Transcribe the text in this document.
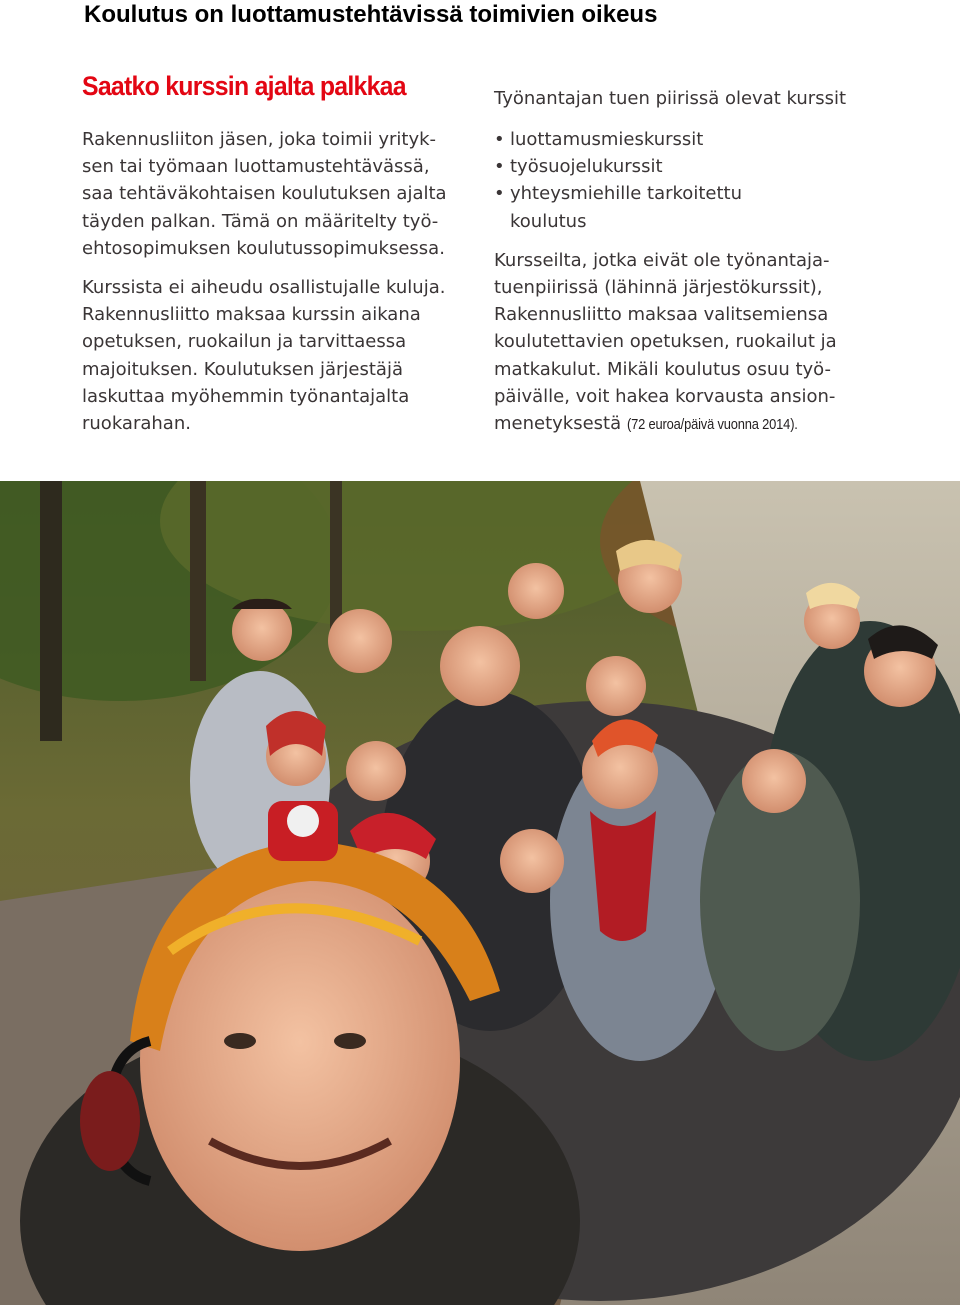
Koulutus on luottamustehtävissä toimivien oikeus
Saatko kurssin ajalta palkkaa

Rakennusliiton jäsen, joka toimii yrityk-
sen tai työmaan luottamustehtävässä,
saa tehtäväkohtaisen koulutuksen ajalta
täyden palkan. Tämä on määritelty työ-
ehtosopimuksen koulutussopimuksessa.

Kurssista ei aiheudu osallistujalle kuluja.
Rakennusliitto maksaa kurssin aikana
opetuksen, ruokailun ja tarvittaessa
majoituksen. Koulutuksen järjestäjä
laskuttaa myöhemmin työnantajalta
ruokarahan.

Työnantajan tuen piirissä olevat kurssit
• luottamusmieskurssit
• työsuojelukurssit
• yhteysmiehille tarkoitettu
koulutus

Kursseilta, jotka eivät ole työnantaja-
tuenpiirissä (lähinnä järjestökurssit),
Rakennusliitto maksaa valitsemiensa
koulutettavien opetuksen, ruokailut ja
matkakulut. Mikäli koulutus osuu työ-
päivälle, voit hakea korvausta ansion-
menetyksestä (72 euroa/päivä vuonna 2014).
